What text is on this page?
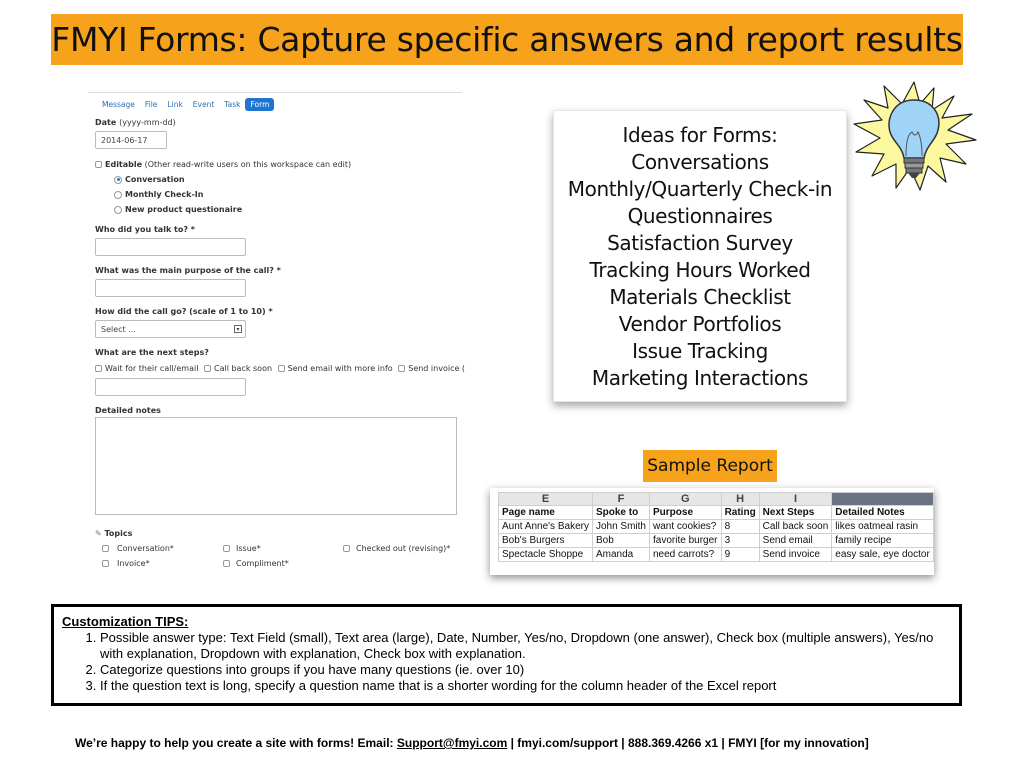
FMYI Forms: Capture specific answers and report results
Message	File	Link	Event	Task	Form
Date (yyyy-mm-dd)
2014-06-17
Editable (Other read-write users on this workspace can edit)
Conversation
Monthly Check-In
New product questionaire
Who did you talk to? *
What was the main purpose of the call? *
How did the call go? (scale of 1 to 10) *
Select ...	▾
What are the next steps?
Wait for their call/email Call back soon Send email with more info Send invoice (
Detailed notes
✎ Topics
Conversation*	Issue*	Checked out (revising)*
Invoice*	Compliment*
Ideas for Forms:
Conversations
Monthly/Quarterly Check-in
Questionnaires
Satisfaction Survey
Tracking Hours Worked
Materials Checklist
Vendor Portfolios
Issue Tracking
Marketing Interactions
Sample Report
E	F	G	H	I	
Page name	Spoke to	Purpose	Rating	Next Steps	Detailed Notes
Aunt Anne's Bakery	John Smith	want cookies?	8	Call back soon	likes oatmeal rasin
Bob's Burgers	Bob	favorite burger	3	Send email	family recipe
Spectacle Shoppe	Amanda	need carrots?	9	Send invoice	easy sale, eye doctor
Customization TIPS:
1. Possible answer type: Text Field (small), Text area (large), Date, Number, Yes/no, Dropdown (one answer), Check box (multiple answers), Yes/no with explanation, Dropdown with explanation, Check box with explanation.
2. Categorize questions into groups if you have many questions (ie. over 10)
3. If the question text is long, specify a question name that is a shorter wording for the column header of the Excel report
We’re happy to help you create a site with forms! Email: Support@fmyi.com | fmyi.com/support | 888.369.4266 x1 | FMYI [for my innovation]
